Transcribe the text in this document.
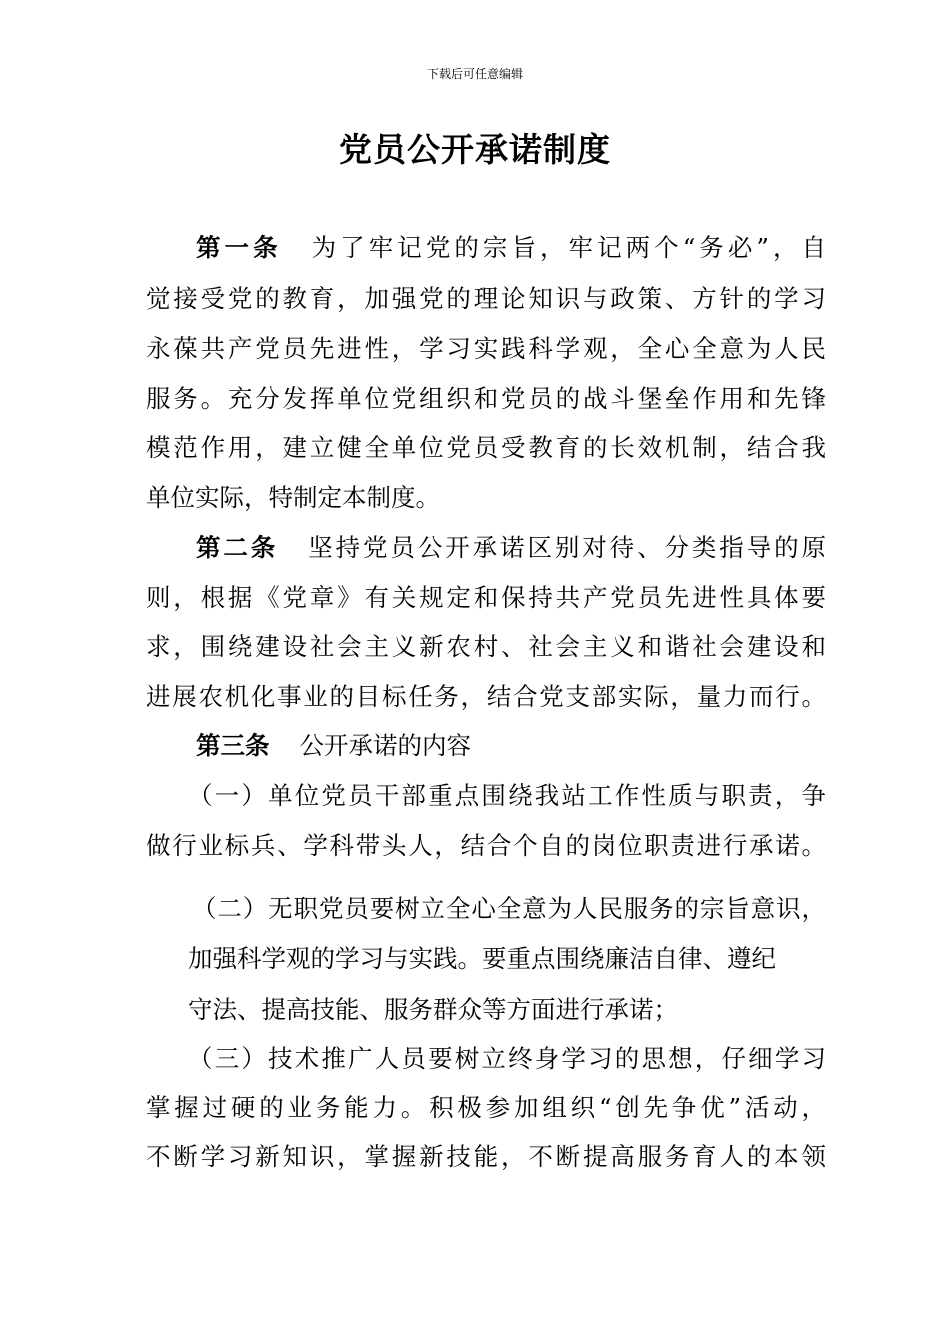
下载后可任意编辑
党员公开承诺制度
第一条 为了牢记党的宗旨，牢记两个“务必”，自
觉接受党的教育，加强党的理论知识与政策、方针的学习
永葆共产党员先进性，学习实践科学观，全心全意为人民
服务。充分发挥单位党组织和党员的战斗堡垒作用和先锋
模范作用，建立健全单位党员受教育的长效机制，结合我
单位实际，特制定本制度。
第二条 坚持党员公开承诺区别对待、分类指导的原
则，根据《党章》有关规定和保持共产党员先进性具体要
求，围绕建设社会主义新农村、社会主义和谐社会建设和
进展农机化事业的目标任务，结合党支部实际，量力而行。
第三条 公开承诺的内容
（一）单位党员干部重点围绕我站工作性质与职责，争
做行业标兵、学科带头人，结合个自的岗位职责进行承诺。
（二）无职党员要树立全心全意为人民服务的宗旨意识，
加强科学观的学习与实践。要重点围绕廉洁自律、遵纪
守法、提高技能、服务群众等方面进行承诺；
（三）技术推广人员要树立终身学习的思想，仔细学习
掌握过硬的业务能力。积极参加组织“创先争优”活动，
不断学习新知识，掌握新技能，不断提高服务育人的本领
